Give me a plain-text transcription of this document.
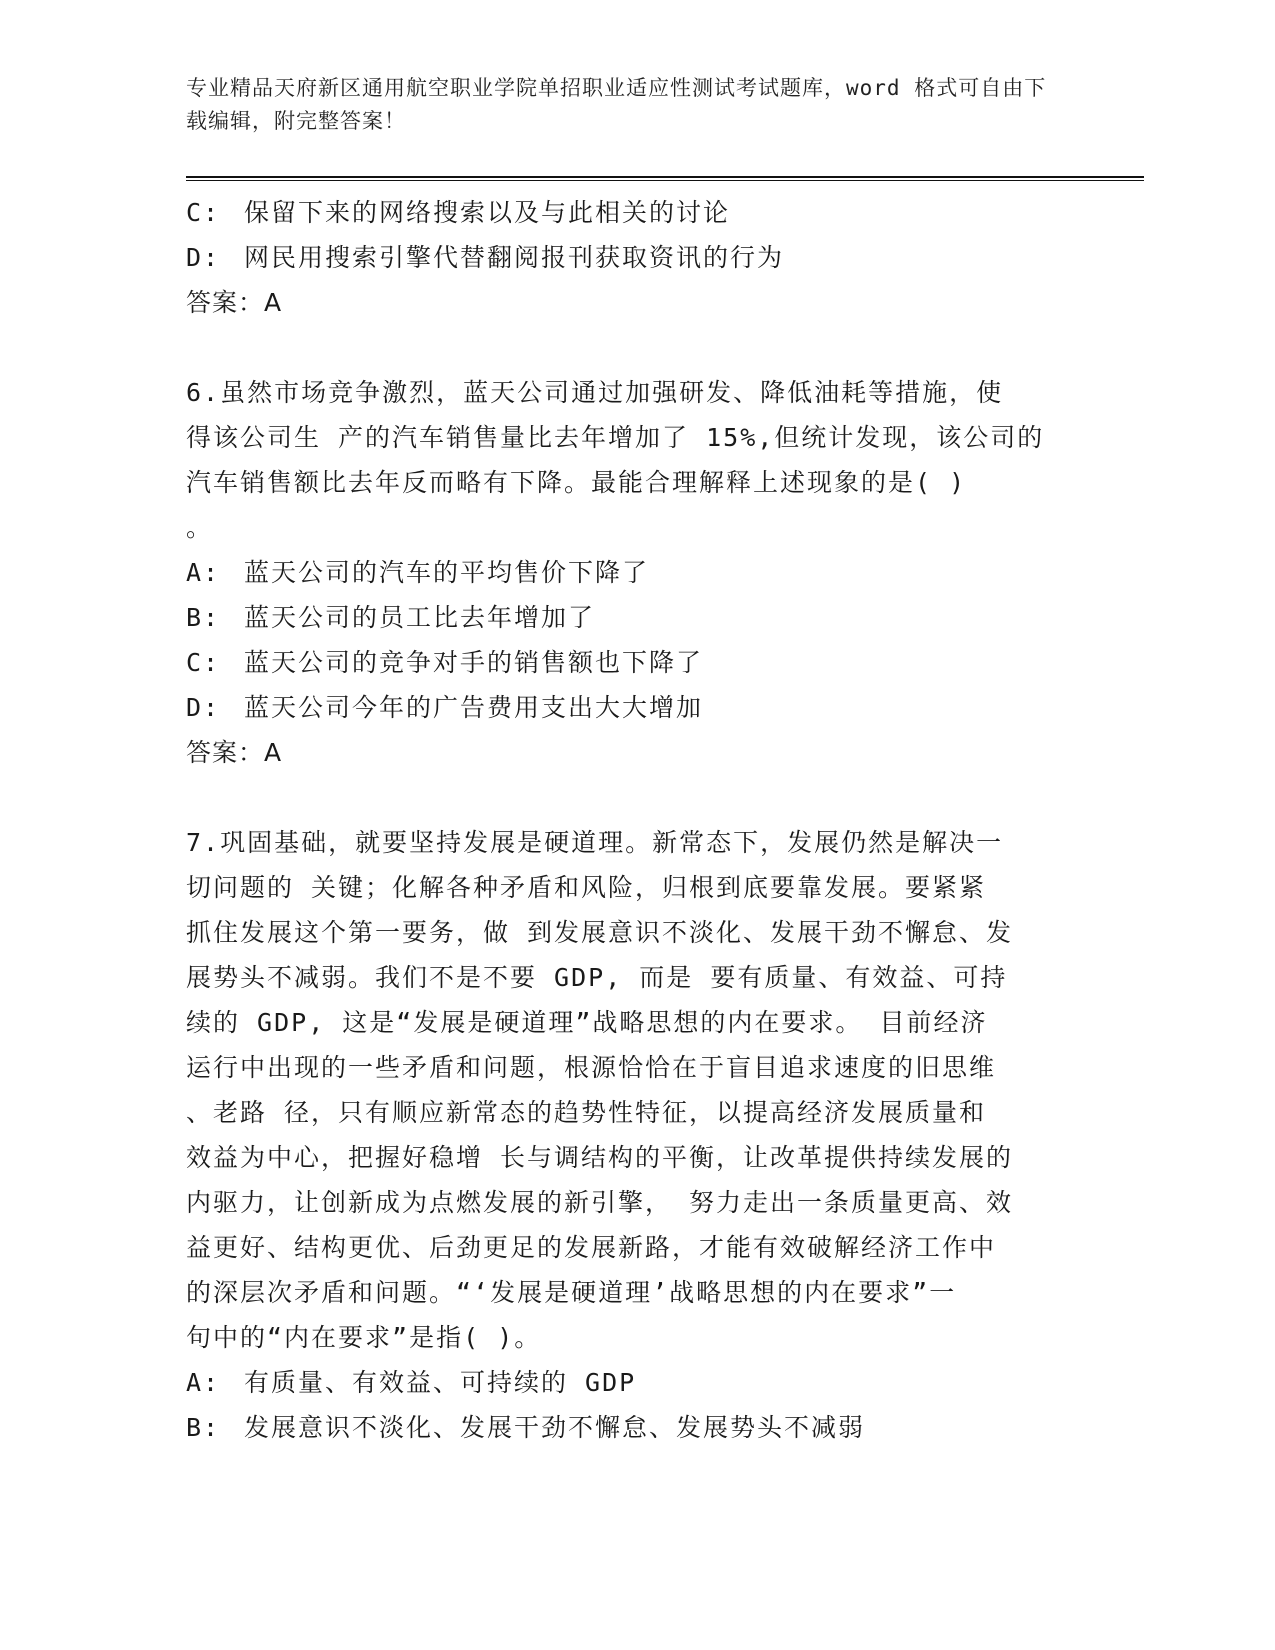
专业精品天府新区通用航空职业学院单招职业适应性测试考试题库，word 格式可自由下载编辑，附完整答案！
C: 保留下来的网络搜索以及与此相关的讨论
D: 网民用搜索引擎代替翻阅报刊获取资讯的行为
答案：A
6.虽然市场竞争激烈，蓝天公司通过加强研发、降低油耗等措施，使
得该公司生 产的汽车销售量比去年增加了 15%,但统计发现，该公司的
汽车销售额比去年反而略有下降。最能合理解释上述现象的是( )
。
A: 蓝天公司的汽车的平均售价下降了
B: 蓝天公司的员工比去年增加了
C: 蓝天公司的竞争对手的销售额也下降了
D: 蓝天公司今年的广告费用支出大大增加
答案：A
7.巩固基础，就要坚持发展是硬道理。新常态下，发展仍然是解决一
切问题的 关键；化解各种矛盾和风险，归根到底要靠发展。要紧紧
抓住发展这个第一要务，做 到发展意识不淡化、发展干劲不懈怠、发
展势头不减弱。我们不是不要 GDP, 而是 要有质量、有效益、可持
续的 GDP, 这是“发展是硬道理”战略思想的内在要求。 目前经济
运行中出现的一些矛盾和问题，根源恰恰在于盲目追求速度的旧思维
、老路 径，只有顺应新常态的趋势性特征，以提高经济发展质量和
效益为中心，把握好稳增 长与调结构的平衡，让改革提供持续发展的
内驱力，让创新成为点燃发展的新引擎， 努力走出一条质量更高、效
益更好、结构更优、后劲更足的发展新路，才能有效破解经济工作中
的深层次矛盾和问题。“‘发展是硬道理’战略思想的内在要求”一
句中的“内在要求”是指( )。
A: 有质量、有效益、可持续的 GDP
B: 发展意识不淡化、发展干劲不懈怠、发展势头不减弱
